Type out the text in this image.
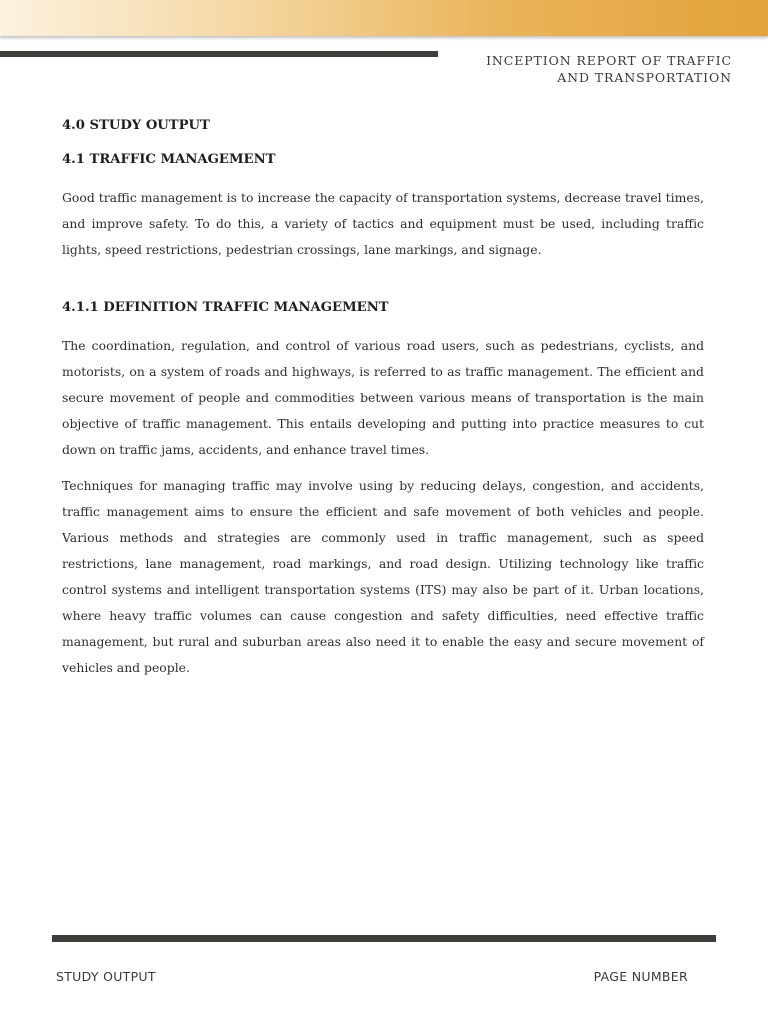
INCEPTION REPORT OF TRAFFIC
AND TRANSPORTATION
4.0 STUDY OUTPUT
4.1 TRAFFIC MANAGEMENT

Good traffic management is to increase the capacity of transportation systems, decrease travel times, and improve safety. To do this, a variety of tactics and equipment must be used, including traffic lights, speed restrictions, pedestrian crossings, lane markings, and signage.

4.1.1 DEFINITION TRAFFIC MANAGEMENT

The coordination, regulation, and control of various road users, such as pedestrians, cyclists, and motorists, on a system of roads and highways, is referred to as traffic management. The efficient and secure movement of people and commodities between various means of transportation is the main objective of traffic management. This entails developing and putting into practice measures to cut down on traffic jams, accidents, and enhance travel times.

Techniques for managing traffic may involve using by reducing delays, congestion, and accidents, traffic management aims to ensure the efficient and safe movement of both vehicles and people. Various methods and strategies are commonly used in traffic management, such as speed restrictions, lane management, road markings, and road design. Utilizing technology like traffic control systems and intelligent transportation systems (ITS) may also be part of it. Urban locations, where heavy traffic volumes can cause congestion and safety difficulties, need effective traffic management, but rural and suburban areas also need it to enable the easy and secure movement of vehicles and people.

STUDY OUTPUT	PAGE NUMBER
